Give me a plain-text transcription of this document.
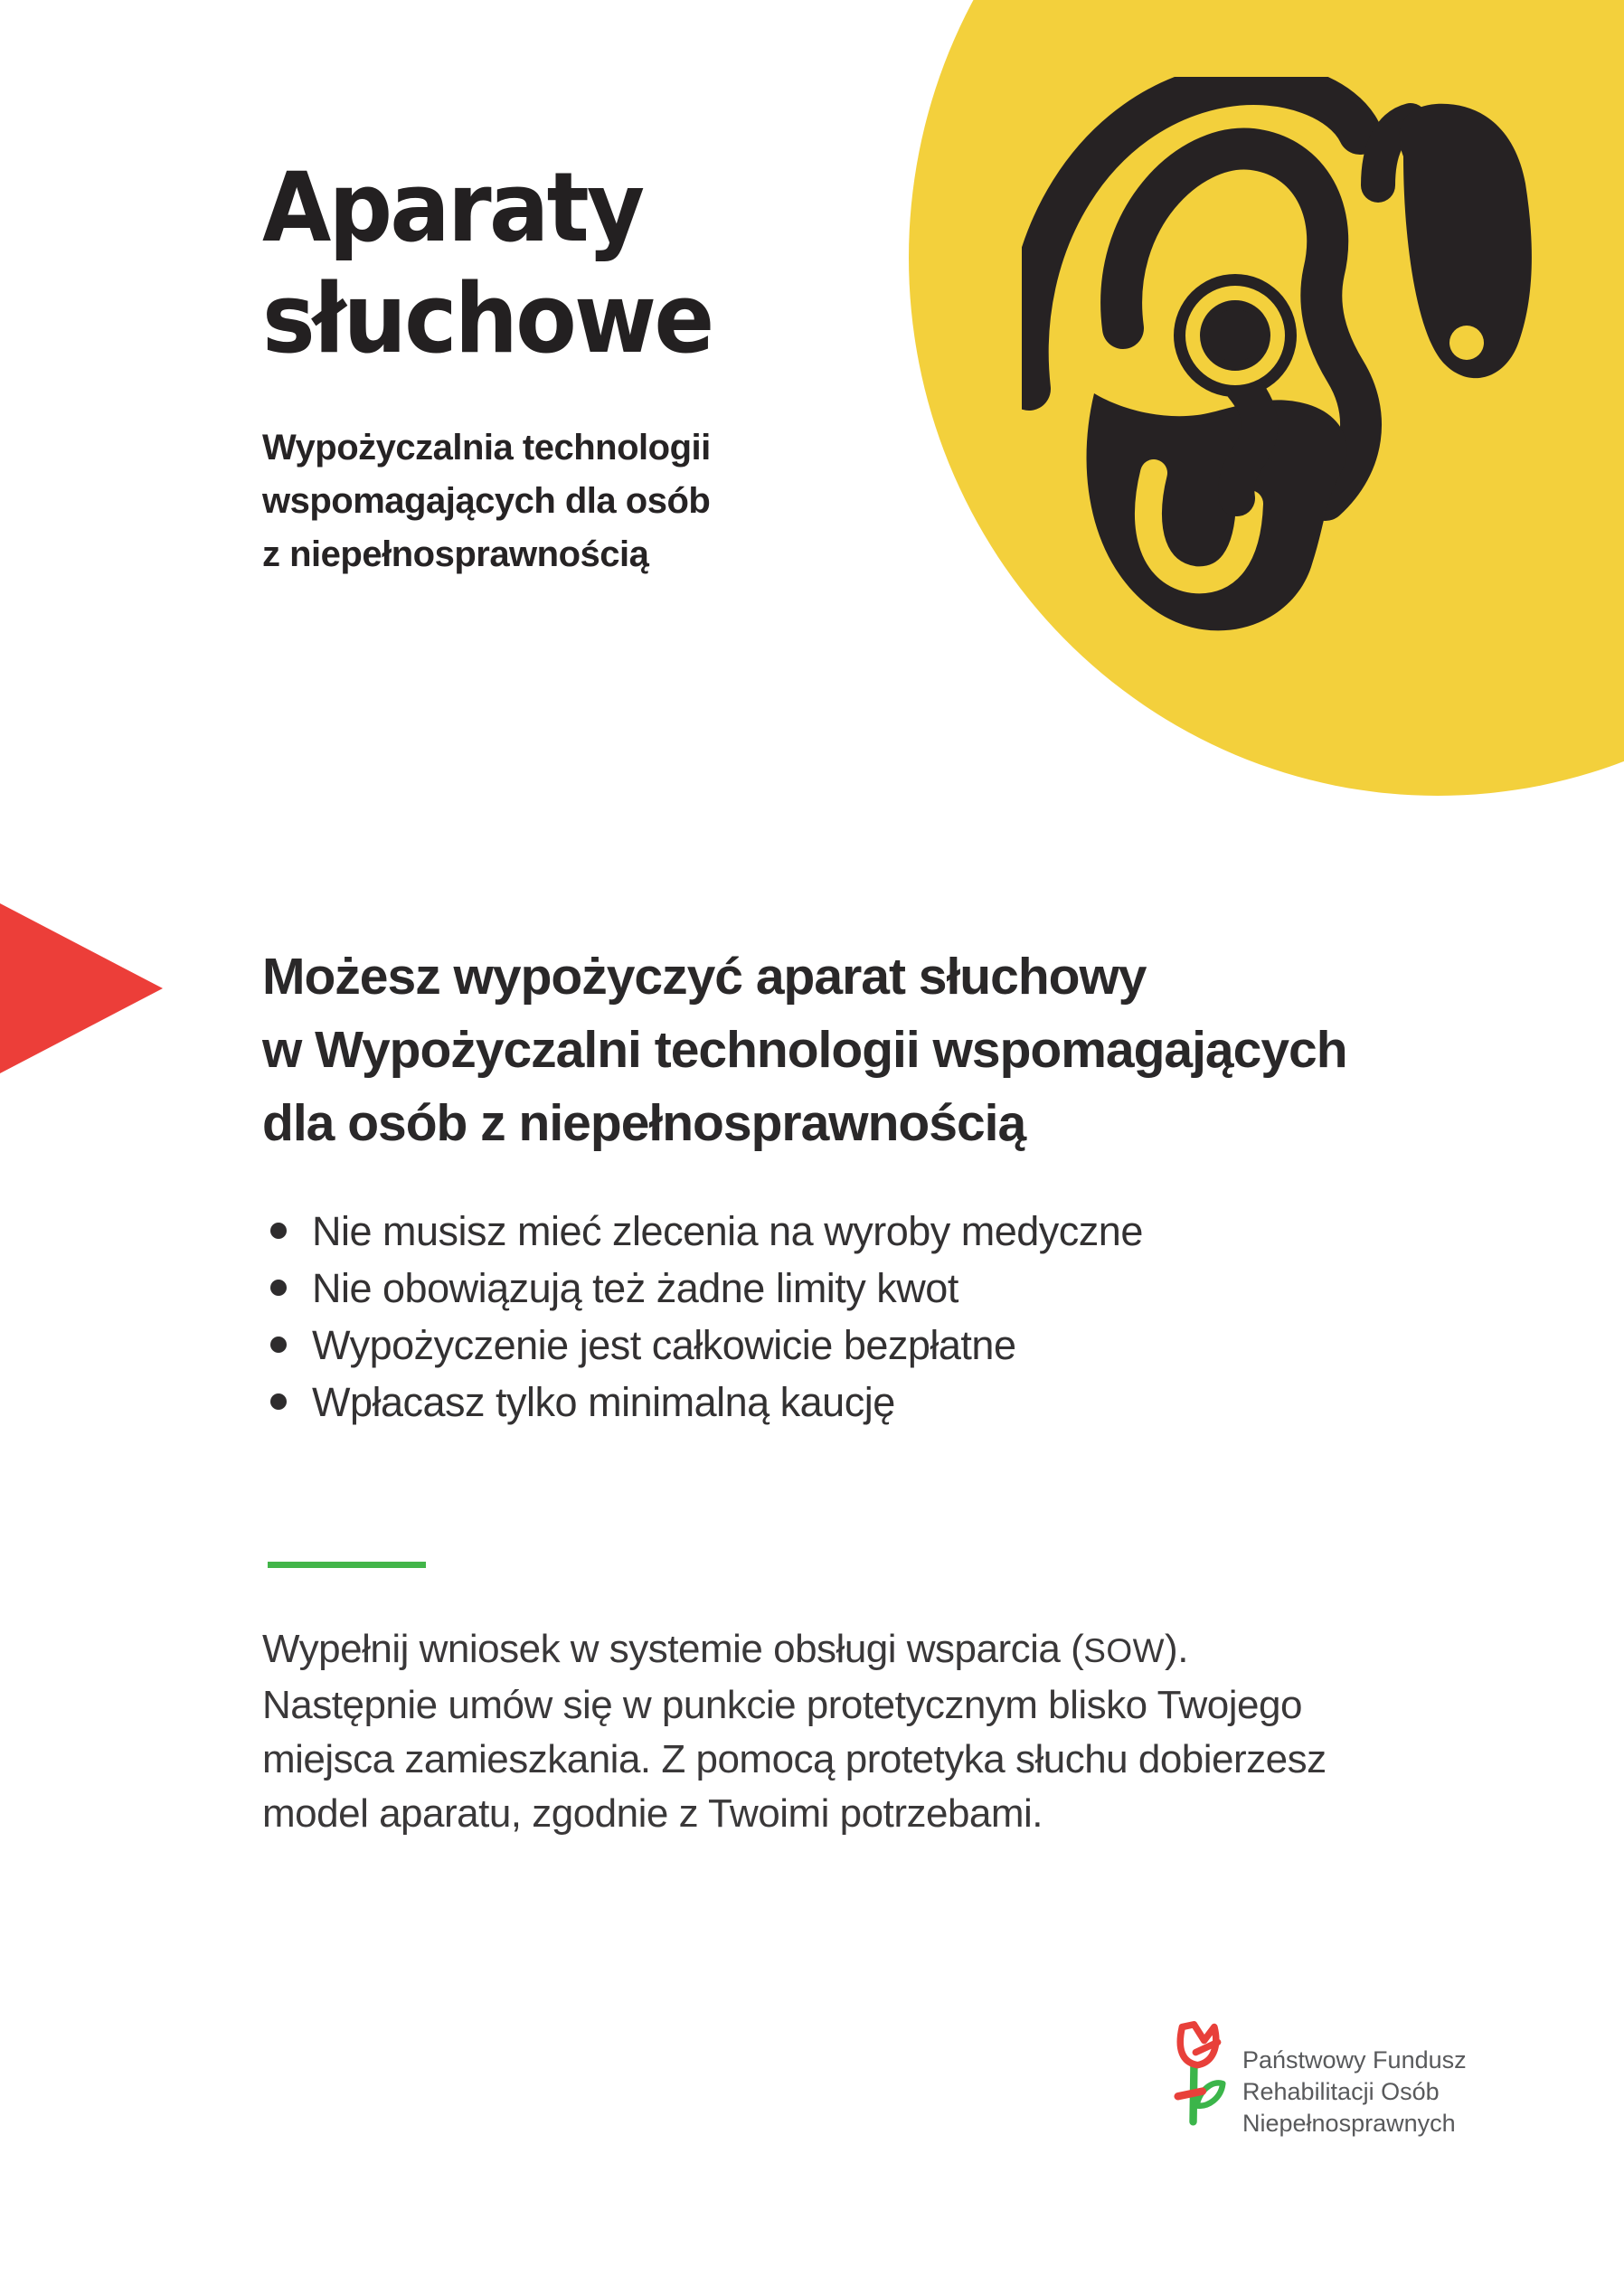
Aparaty
słuchowe

Wypożyczalnia technologii
wspomagających dla osób
z niepełnosprawnością

Możesz wypożyczyć aparat słuchowy
w Wypożyczalni technologii wspomagających
dla osób z niepełnosprawnością
Nie musisz mieć zlecenia na wyroby medyczne
Nie obowiązują też żadne limity kwot
Wypożyczenie jest całkowicie bezpłatne
Wpłacasz tylko minimalną kaucję

Wypełnij wniosek w systemie obsługi wsparcia (SOW).
Następnie umów się w punkcie protetycznym blisko Twojego
miejsca zamieszkania. Z pomocą protetyka słuchu dobierzesz
model aparatu, zgodnie z Twoimi potrzebami.

Państwowy Fundusz
Rehabilitacji Osób
Niepełnosprawnych
